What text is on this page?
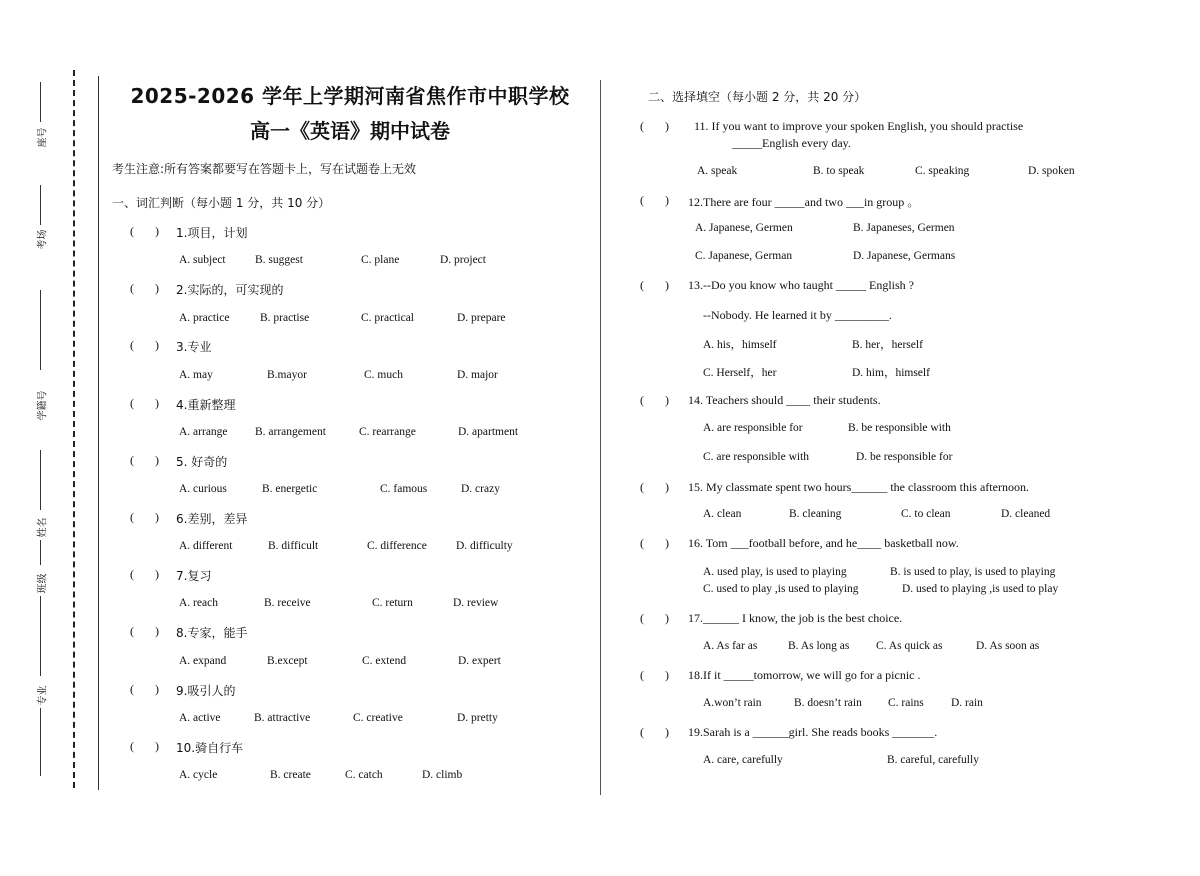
座号
考场
学籍号
姓名
班级
专业
2025-2026 学年上学期河南省焦作市中职学校
高一《英语》期中试卷
考生注意:所有答案都要写在答题卡上，写在试题卷上无效
一、词汇判断（每小题 1 分，共 10 分）
(       ) 1.项目，计划
A. subject	B. suggest	C. plane	D. project
(       ) 2.实际的，可实现的
A. practice	B. practise	C. practical	D. prepare
(       ) 3.专业
A. may	B.mayor	C. much	D. major
(       ) 4.重新整理
A. arrange B. arrangement	C. rearrange	D. apartment
(       ) 5. 好奇的
A. curious	B. energetic	C. famous	D. crazy
(       ) 6.差别，差异
A. different	B. difficult	C. difference	D. difficulty
(       ) 7.复习
A. reach	B. receive	C. return	D. review
(       ) 8.专家，能手
A. expand	B.except	C. extend	D. expert
(       ) 9.吸引人的
A. active	B. attractive	C. creative	D. pretty
(       ) 10.骑自行车
A. cycle	B. create	C. catch	D. climb
二、选择填空（每小题 2 分，共 20 分）
(       ) 11. If you want to improve your spoken English, you should practise
_____English every day.
A. speak	B. to speak	C. speaking	D. spoken
(       ) 12.There are four _____and two ___in group 。
A. Japanese, Germen	B. Japaneses, Germen
C. Japanese, German	D. Japanese, Germans
(       ) 13.--Do you know who taught _____ English ?
--Nobody. He learned it by _________.
A. his，himself	B. her，herself
C. Herself，her	D. him，himself
(       ) 14. Teachers should ____ their students.
A. are responsible for	B. be responsible with
C. are responsible with	D. be responsible for
(       ) 15. My classmate spent two hours______ the classroom this afternoon.
A. clean	B. cleaning	C. to clean	D. cleaned
(       ) 16. Tom ___football before, and he____ basketball now.
A. used play, is used to playing	B. is used to play, is used to playing
C. used to play ,is used to playing	D. used to playing ,is used to play
(       ) 17.______ I know, the job is the best choice.
A. As far as	B. As long as C. As quick as	D. As soon as
(       ) 18.If it _____tomorrow, we will go for a picnic .
A.won’t rain	B. doesn’t rain C. rains D. rain
(       ) 19.Sarah is a ______girl. She reads books _______.
A. care, carefully	B. careful, carefully
